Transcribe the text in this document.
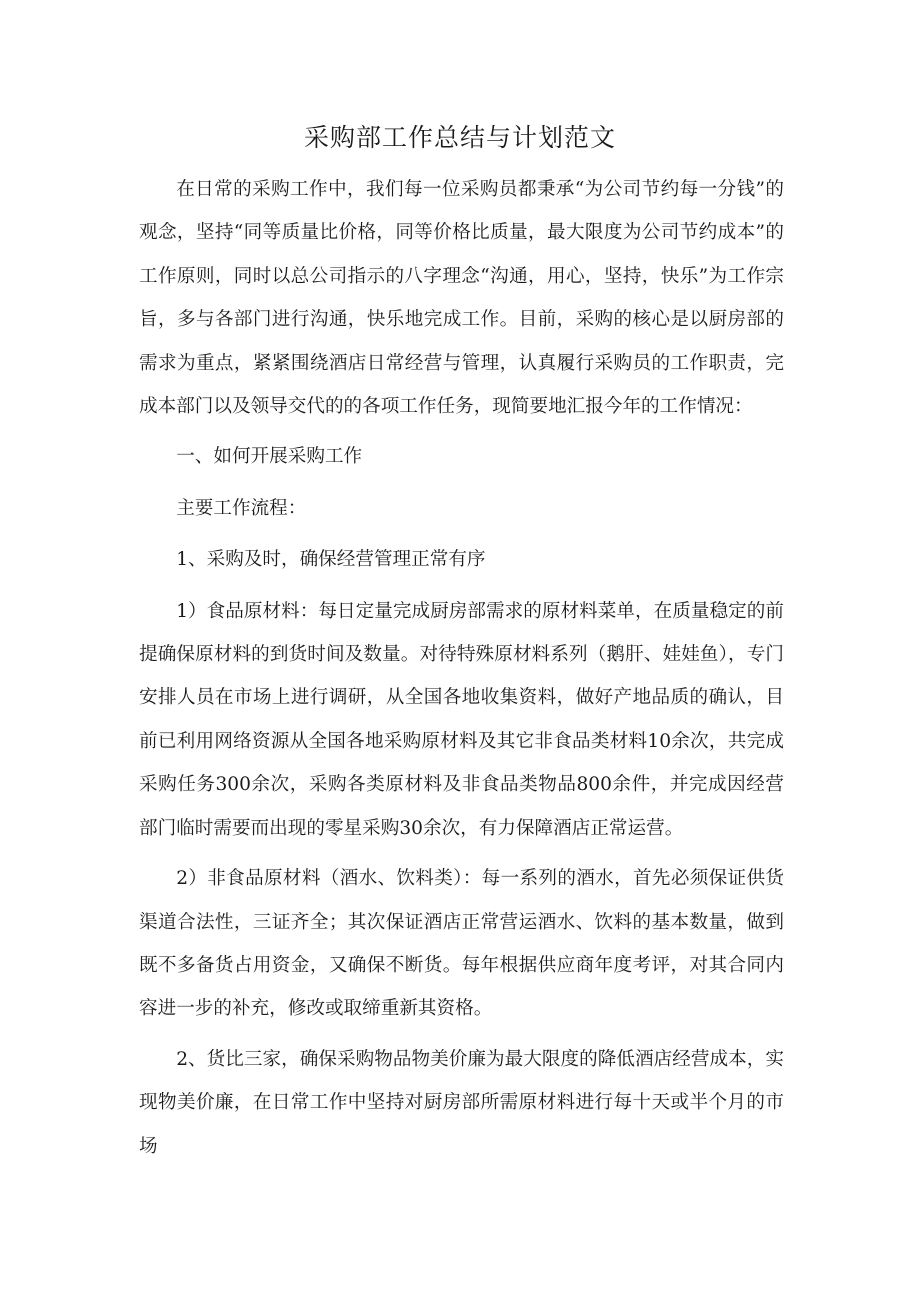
采购部工作总结与计划范文

在日常的采购工作中，我们每一位采购员都秉承“为公司节约每一分钱”的观念，坚持“同等质量比价格，同等价格比质量，最大限度为公司节约成本”的工作原则，同时以总公司指示的八字理念“沟通，用心，坚持，快乐”为工作宗旨，多与各部门进行沟通，快乐地完成工作。目前，采购的核心是以厨房部的需求为重点，紧紧围绕酒店日常经营与管理，认真履行采购员的工作职责，完成本部门以及领导交代的的各项工作任务，现简要地汇报今年的工作情况：

一、如何开展采购工作

主要工作流程：

1、采购及时，确保经营管理正常有序

1）食品原材料：每日定量完成厨房部需求的原材料菜单，在质量稳定的前提确保原材料的到货时间及数量。对待特殊原材料系列（鹅肝、娃娃鱼），专门安排人员在市场上进行调研，从全国各地收集资料，做好产地品质的确认，目前已利用网络资源从全国各地采购原材料及其它非食品类材料10余次，共完成采购任务300余次，采购各类原材料及非食品类物品800余件，并完成因经营部门临时需要而出现的零星采购30余次，有力保障酒店正常运营。

2）非食品原材料（酒水、饮料类）：每一系列的酒水，首先必须保证供货渠道合法性，三证齐全；其次保证酒店正常营运酒水、饮料的基本数量，做到既不多备货占用资金，又确保不断货。每年根据供应商年度考评，对其合同内容进一步的补充，修改或取缔重新其资格。

2、货比三家，确保采购物品物美价廉为最大限度的降低酒店经营成本，实现物美价廉，在日常工作中坚持对厨房部所需原材料进行每十天或半个月的市场
